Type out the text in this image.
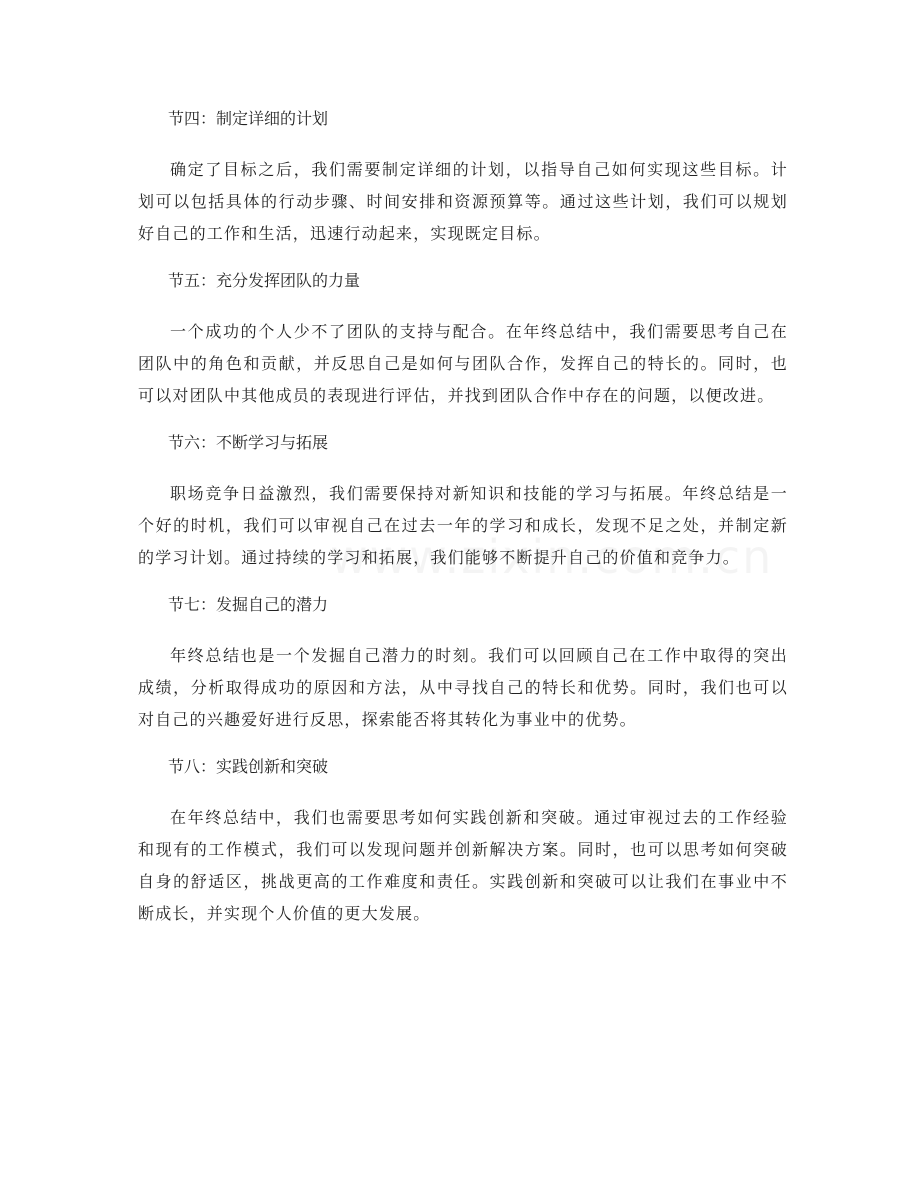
节四：制定详细的计划

确定了目标之后，我们需要制定详细的计划，以指导自己如何实现这些目标。计划可以包括具体的行动步骤、时间安排和资源预算等。通过这些计划，我们可以规划好自己的工作和生活，迅速行动起来，实现既定目标。

节五：充分发挥团队的力量

一个成功的个人少不了团队的支持与配合。在年终总结中，我们需要思考自己在团队中的角色和贡献，并反思自己是如何与团队合作，发挥自己的特长的。同时，也可以对团队中其他成员的表现进行评估，并找到团队合作中存在的问题，以便改进。

节六：不断学习与拓展

职场竞争日益激烈，我们需要保持对新知识和技能的学习与拓展。年终总结是一个好的时机，我们可以审视自己在过去一年的学习和成长，发现不足之处，并制定新的学习计划。通过持续的学习和拓展，我们能够不断提升自己的价值和竞争力。

节七：发掘自己的潜力

年终总结也是一个发掘自己潜力的时刻。我们可以回顾自己在工作中取得的突出成绩，分析取得成功的原因和方法，从中寻找自己的特长和优势。同时，我们也可以对自己的兴趣爱好进行反思，探索能否将其转化为事业中的优势。

节八：实践创新和突破

在年终总结中，我们也需要思考如何实践创新和突破。通过审视过去的工作经验和现有的工作模式，我们可以发现问题并创新解决方案。同时，也可以思考如何突破自身的舒适区，挑战更高的工作难度和责任。实践创新和突破可以让我们在事业中不断成长，并实现个人价值的更大发展。
